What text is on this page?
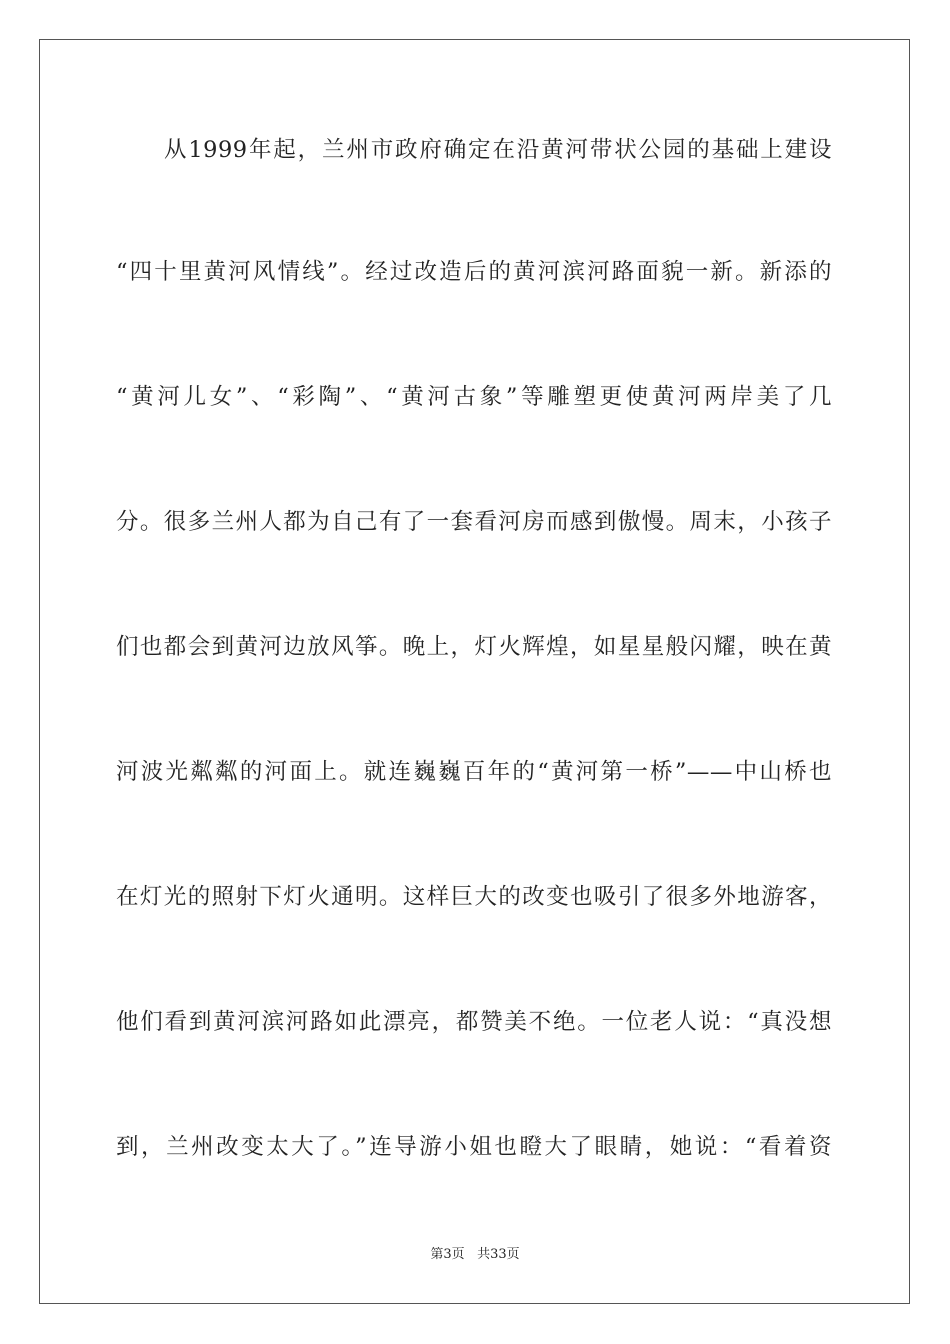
从1999年起，兰州市政府确定在沿黄河带状公园的基础上建设
“四十里黄河风情线”。经过改造后的黄河滨河路面貌一新。新添的
“黄河儿女”、“彩陶”、“黄河古象”等雕塑更使黄河两岸美了几
分。很多兰州人都为自己有了一套看河房而感到傲慢。周末，小孩子
们也都会到黄河边放风筝。晚上，灯火辉煌，如星星般闪耀，映在黄
河波光粼粼的河面上。就连巍巍百年的“黄河第一桥”——中山桥也
在灯光的照射下灯火通明。这样巨大的改变也吸引了很多外地游客，
他们看到黄河滨河路如此漂亮，都赞美不绝。一位老人说：“真没想
到，兰州改变太大了。”连导游小姐也瞪大了眼睛，她说：“看着资
第3页 共33页
